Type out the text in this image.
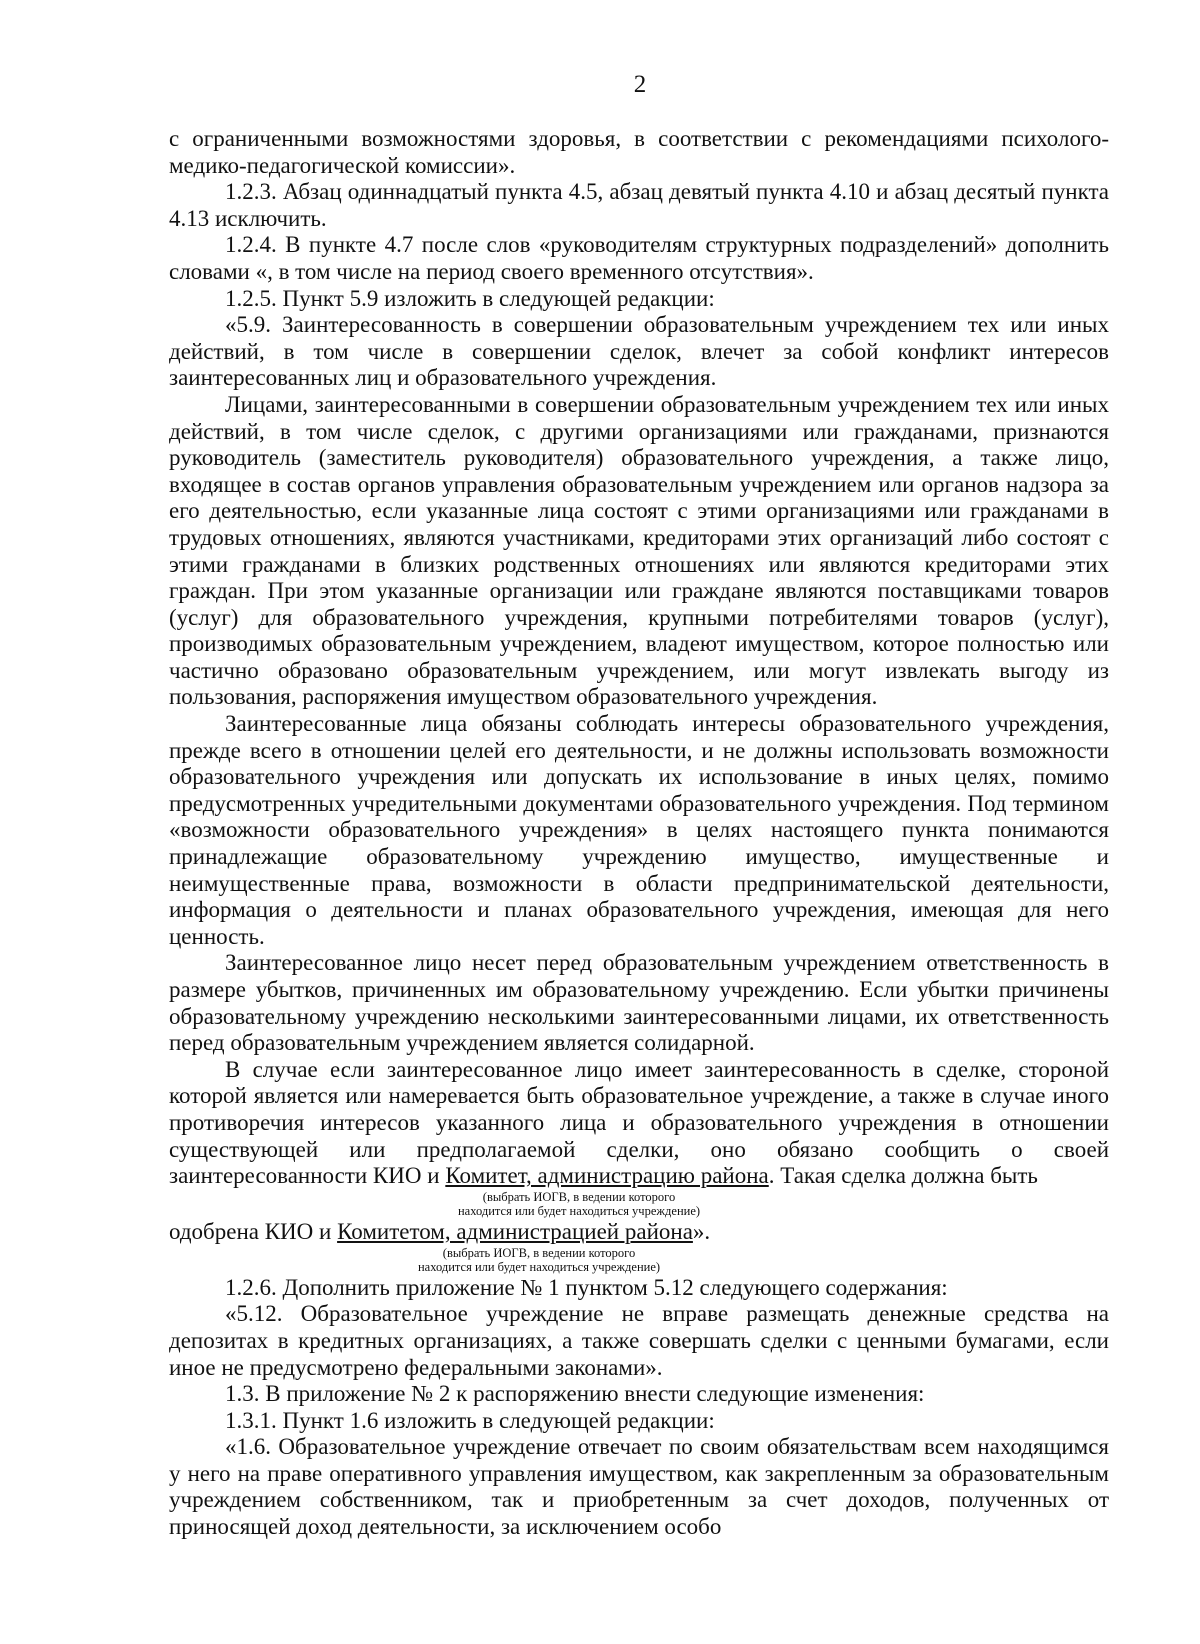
2

с ограниченными возможностями здоровья, в соответствии с рекомендациями психолого-медико-педагогической комиссии».

1.2.3. Абзац одиннадцатый пункта 4.5, абзац девятый пункта 4.10 и абзац десятый пункта 4.13 исключить.

1.2.4. В пункте 4.7 после слов «руководителям структурных подразделений» дополнить словами «, в том числе на период своего временного отсутствия».

1.2.5. Пункт 5.9 изложить в следующей редакции:

«5.9. Заинтересованность в совершении образовательным учреждением тех или иных действий, в том числе в совершении сделок, влечет за собой конфликт интересов заинтересованных лиц и образовательного учреждения.

Лицами, заинтересованными в совершении образовательным учреждением тех или иных действий, в том числе сделок, с другими организациями или гражданами, признаются руководитель (заместитель руководителя) образовательного учреждения, а также лицо, входящее в состав органов управления образовательным учреждением или органов надзора за его деятельностью, если указанные лица состоят с этими организациями или гражданами в трудовых отношениях, являются участниками, кредиторами этих организаций либо состоят с этими гражданами в близких родственных отношениях или являются кредиторами этих граждан. При этом указанные организации или граждане являются поставщиками товаров (услуг) для образовательного учреждения, крупными потребителями товаров (услуг), производимых образовательным учреждением, владеют имуществом, которое полностью или частично образовано образовательным учреждением, или могут извлекать выгоду из пользования, распоряжения имуществом образовательного учреждения.

Заинтересованные лица обязаны соблюдать интересы образовательного учреждения, прежде всего в отношении целей его деятельности, и не должны использовать возможности образовательного учреждения или допускать их использование в иных целях, помимо предусмотренных учредительными документами образовательного учреждения. Под термином «возможности образовательного учреждения» в целях настоящего пункта понимаются принадлежащие образовательному учреждению имущество, имущественные и неимущественные права, возможности в области предпринимательской деятельности, информация о деятельности и планах образовательного учреждения, имеющая для него ценность.

Заинтересованное лицо несет перед образовательным учреждением ответственность в размере убытков, причиненных им образовательному учреждению. Если убытки причинены образовательному учреждению несколькими заинтересованными лицами, их ответственность перед образовательным учреждением является солидарной.

В случае если заинтересованное лицо имеет заинтересованность в сделке, стороной которой является или намеревается быть образовательное учреждение, а также в случае иного противоречия интересов указанного лица и образовательного учреждения в отношении существующей или предполагаемой сделки, оно обязано сообщить о своей заинтересованности КИО и Комитет, администрацию района. Такая сделка должна быть

(выбрать ИОГВ, в ведении которого
находится или будет находиться учреждение)

одобрена КИО и Комитетом, администрацией района».

(выбрать ИОГВ, в ведении которого
находится или будет находиться учреждение)

1.2.6. Дополнить приложение № 1 пунктом 5.12 следующего содержания:

«5.12. Образовательное учреждение не вправе размещать денежные средства на депозитах в кредитных организациях, а также совершать сделки с ценными бумагами, если иное не предусмотрено федеральными законами».

1.3. В приложение № 2 к распоряжению внести следующие изменения:

1.3.1. Пункт 1.6 изложить в следующей редакции:

«1.6. Образовательное учреждение отвечает по своим обязательствам всем находящимся у него на праве оперативного управления имуществом, как закрепленным за образовательным учреждением собственником, так и приобретенным за счет доходов, полученных от приносящей доход деятельности, за исключением особо
